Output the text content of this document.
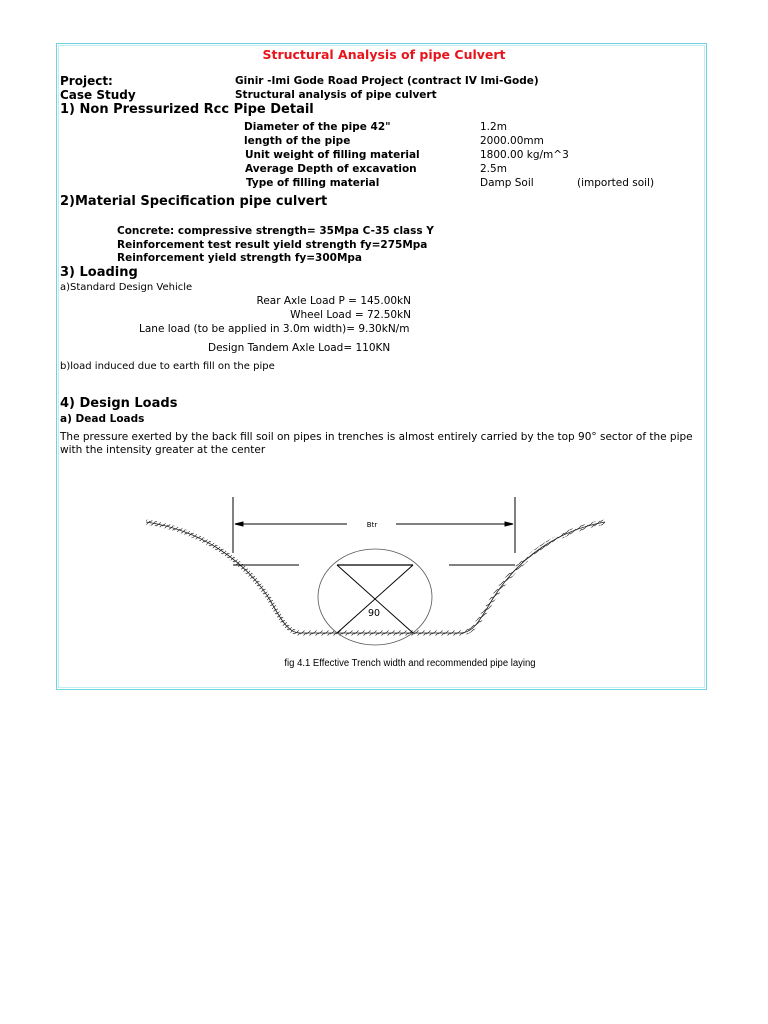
Structural Analysis of pipe Culvert
Project:	Ginir -Imi Gode Road Project (contract IV Imi-Gode)
Case Study	Structural analysis of pipe culvert
1) Non Pressurized Rcc Pipe Detail
Diameter of the pipe 42"	1.2m
length of the pipe	2000.00mm
Unit weight of filling material	1800.00 kg/m^3
Average Depth of excavation	2.5m
Type of filling material	Damp Soil	(imported soil)
2)Material Specification pipe culvert
Concrete: compressive strength= 35Mpa C-35 class Y
Reinforcement test result yield strength fy=275Mpa
Reinforcement yield strength fy=300Mpa
3) Loading
a)Standard Design Vehicle
Rear Axle Load P = 145.00kN
Wheel Load = 72.50kN
Lane load (to be applied in 3.0m width)= 9.30kN/m
Design Tandem Axle Load= 110KN
b)load induced due to earth fill on the pipe
4) Design Loads
a) Dead Loads
The pressure exerted by the back fill soil on pipes in trenches is almost entirely carried by the top 90° sector of the pipe with the intensity greater at the center
Btr
90
fig 4.1 Effective Trench width and recommended pipe laying
